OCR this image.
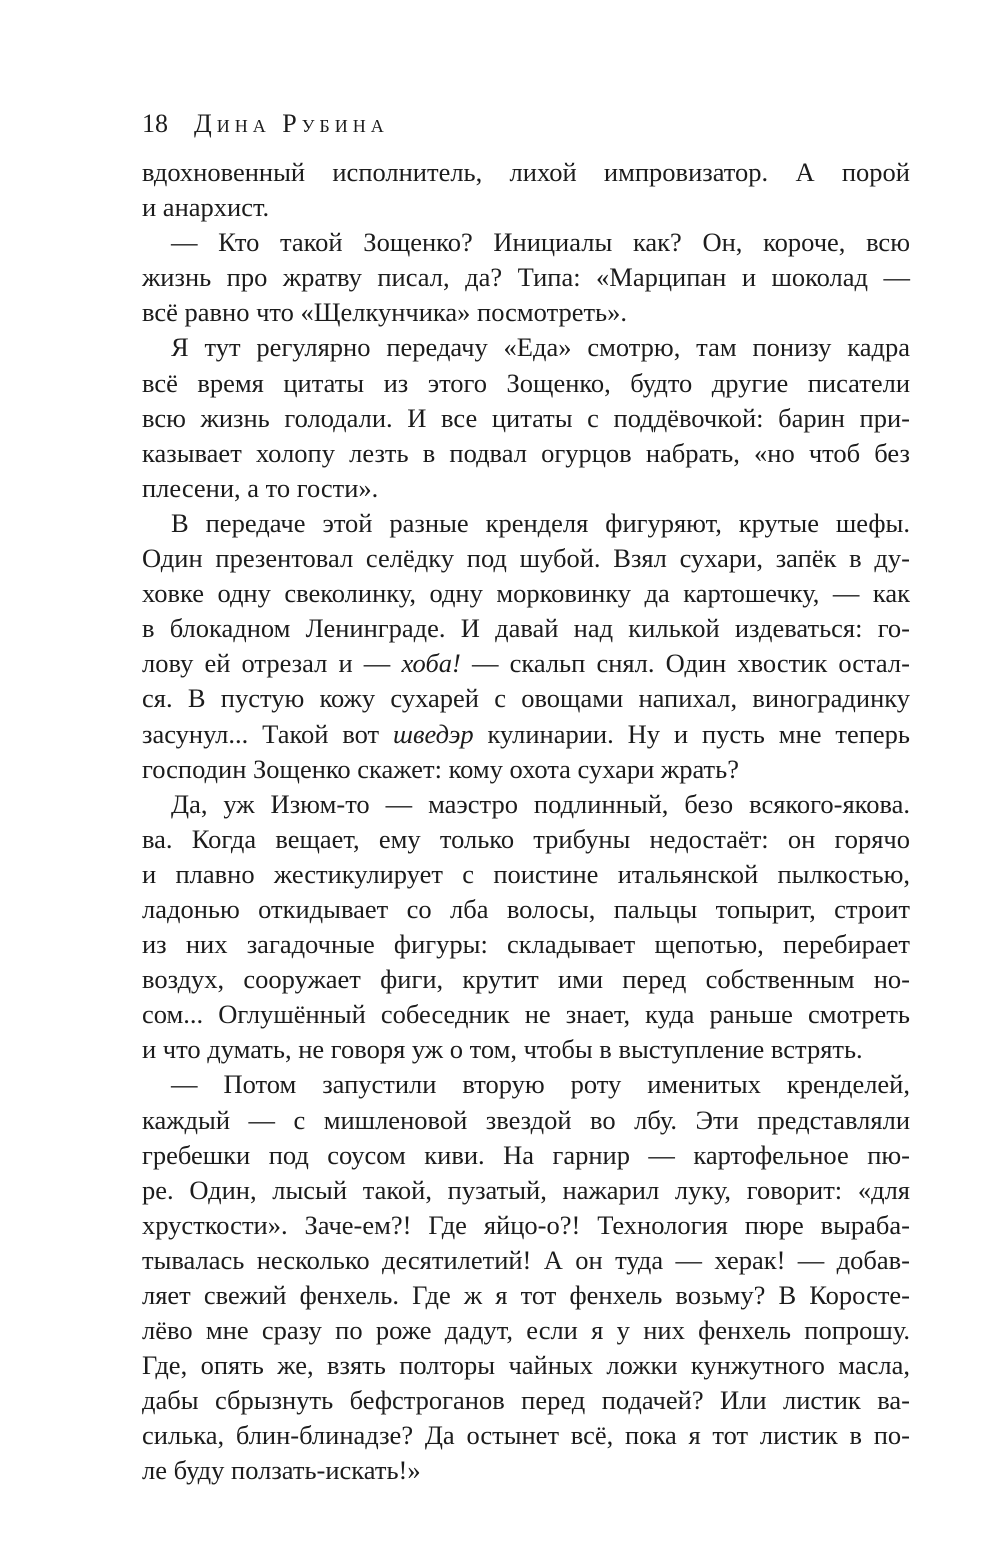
18 Дина Рубина
вдохновенный исполнитель, лихой импровизатор. А порой
и анархист.
— Кто такой Зощенко? Инициалы как? Он, короче, всю
жизнь про жратву писал, да? Типа: «Марципан и шоколад —
всё равно что «Щелкунчика» посмотреть».
Я тут регулярно передачу «Еда» смотрю, там понизу кадра
всё время цитаты из этого Зощенко, будто другие писатели
всю жизнь голодали. И все цитаты с поддёвочкой: барин при-
казывает холопу лезть в подвал огурцов набрать, «но чтоб без
плесени, а то гости».
В передаче этой разные кренделя фигуряют, крутые шефы.
Один презентовал селёдку под шубой. Взял сухари, запёк в ду-
ховке одну свеколинку, одну морковинку да картошечку, — как
в блокадном Ленинграде. И давай над килькой издеваться: го-
лову ей отрезал и — хоба! — скальп снял. Один хвостик остал-
ся. В пустую кожу сухарей с овощами напихал, виноградинку
засунул... Такой вот шведэр кулинарии. Ну и пусть мне теперь
господин Зощенко скажет: кому охота сухари жрать?
Да, уж Изюм-то — маэстро подлинный, безо всякого-якова.
ва. Когда вещает, ему только трибуны недостаёт: он горячо
и плавно жестикулирует с поистине итальянской пылкостью,
ладонью откидывает со лба волосы, пальцы топырит, строит
из них загадочные фигуры: складывает щепотью, перебирает
воздух, сооружает фиги, крутит ими перед собственным но-
сом... Оглушённый собеседник не знает, куда раньше смотреть
и что думать, не говоря уж о том, чтобы в выступление встрять.
— Потом запустили вторую роту именитых кренделей,
каждый — с мишленовой звездой во лбу. Эти представляли
гребешки под соусом киви. На гарнир — картофельное пю-
ре. Один, лысый такой, пузатый, нажарил луку, говорит: «для
хрусткости». Заче-ем?! Где яйцо-о?! Технология пюре выраба-
тывалась несколько десятилетий! А он туда — херак! — добав-
ляет свежий фенхель. Где ж я тот фенхель возьму? В Коросте-
лёво мне сразу по роже дадут, если я у них фенхель попрошу.
Где, опять же, взять полторы чайных ложки кунжутного масла,
дабы сбрызнуть бефстроганов перед подачей? Или листик ва-
силька, блин-блинадзе? Да остынет всё, пока я тот листик в по-
ле буду ползать-искать!»
